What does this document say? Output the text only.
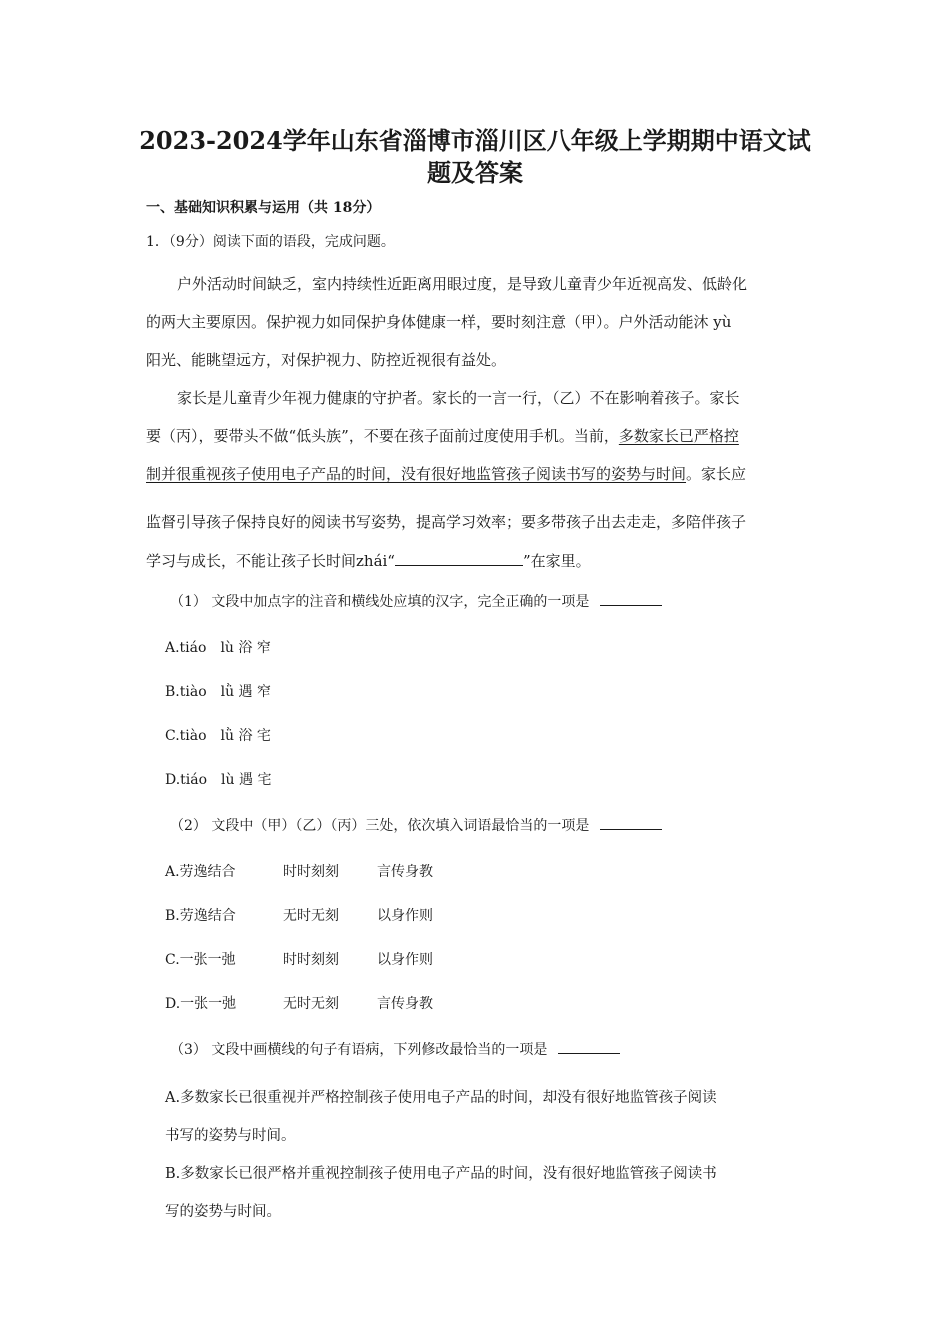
2023-2024学年山东省淄博市淄川区八年级上学期期中语文试
题及答案
一、基础知识积累与运用（共 18分）
1．（9分）阅读下面的语段，完成问题。
户外活动时间缺乏，室内持续性近距离用眼过度，是导致儿童青少年近视高发、低龄化
的两大主要原因。保护视力如同保护身体健康一样，要时刻注意（甲）。户外活动能沐 yù
阳光、能眺望远方，对保护视力、防控近视很有益处。
家长是儿童青少年视力健康的守护者。家长的一言一行，（乙）不在影响着孩子。家长
要（丙），要带头不做“低头族”，不要在孩子面前过度使用手机。当前，多数家长已严格控
制并很重视孩子使用电子产品的时间，没有很好地监管孩子阅读书写的姿势与时间。家长应
监督引导孩子保持良好的阅读书写姿势，提高学习效率；要多带孩子出去走走，多陪伴孩子
学习与成长，不能让孩子长时间zhái“	”在家里。
（1） 文段中加点字的注音和横线处应填的汉字，完全正确的一项是
A.tiáo　lù 浴 窄
B.tiào　lǜ 遇 窄
C.tiào　lǜ 浴 宅
D.tiáo　lù 遇 宅
（2） 文段中（甲）（乙）（丙）三处，依次填入词语最恰当的一项是
A.劳逸结合	时时刻刻	言传身教
B.劳逸结合	无时无刻	以身作则
C.一张一弛	时时刻刻	以身作则
D.一张一弛	无时无刻	言传身教
（3） 文段中画横线的句子有语病，下列修改最恰当的一项是
A.多数家长已很重视并严格控制孩子使用电子产品的时间，却没有很好地监管孩子阅读
书写的姿势与时间。
B.多数家长已很严格并重视控制孩子使用电子产品的时间，没有很好地监管孩子阅读书
写的姿势与时间。
